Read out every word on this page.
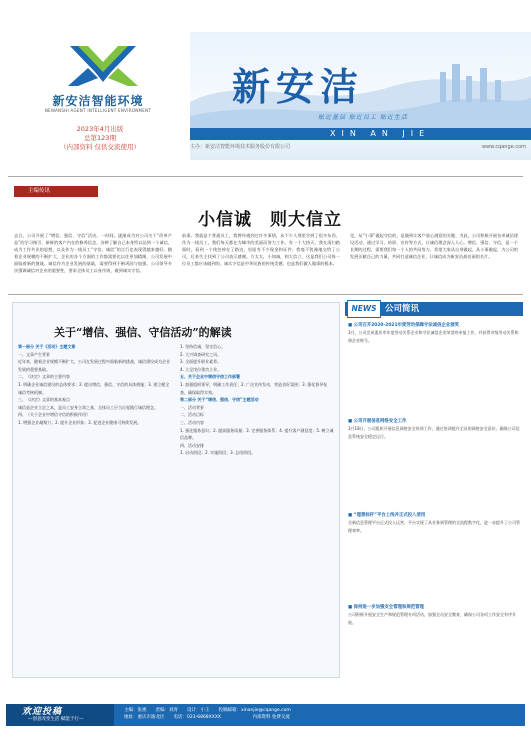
新安洁智能环境
NEWANSHI AGENT INTELLIGENT ENVIRONMENT
2023年4月出版
总第123期
（内部资料 仅供交流使用）
新安洁
贴近基层 贴近员工 贴近生活
XIN AN JIE
主办：新安洁智能环境技术服务股份有限公司	www.cqange.com
主编传讯
小信诚　则大信立
去日，公司开展了“增信、强信、守信”活动。一时间，逐渐成为对公司关于“改革产品”的学习指引，新鲜的客户内在的修养信念，各种了解自己本身所以达到一个诚信，成为工作共识的思想，以及作为一线员工“守信、诚信”的言行也表现得越来越好。随着企业规模的不断扩大，企业的各个方面的工作都需要比以往更加精细，公司发展中面临着新的挑战，诚信作为企业发展的基础，需要得到不断巩固与加强。公司领导多次强调诚信对企业的重要性，要求全体员工以身作则，做到诚实守信。
前事。我就是个普通员工，我曾经遇到过许多事情，从不少人那里学到了很多东西，作为一线员工，我们每天都在为城市的美丽而努力工作。有一个大热天，我在清扫路面时，看到一个钱包掉在了路边，里面有不少现金和证件。我毫不犹豫地交给了公司，后来失主找到了公司表示感谢。方太太，小知诚，则大信立，这是我们公司每一位员工都应该做到的。诚实守信是中华民族的传统美德，也是我们做人做事的根本。
见，从“小事”做起守信的，是做到让客户放心满意的关键。为此，公司积极开展各项诚信建设活动，通过学习、培训、宣传等方式，让诚信理念深入人心。增信、强信、守信，是一个长期的过程，需要我们每一个人的共同努力。希望大家从自身做起，从小事做起，为公司的发展贡献自己的力量，共同打造诚信企业，让诚信成为新安洁最亮丽的名片。
关于“增信、强信、守信活动”的解读
第一部分 关于《活动》主题文章
一、文章产生背景
近年来，随着企业规模不断扩大，公司在发展过程中面临新的挑战，诚信建设成为企业发展的重要基础。
二、《决定》文章的主要内容
1. 明确企业诚信建设的总体要求；2. 提出增信、强信、守信的具体措施；3. 建立健全诚信考核机制。
三、《决定》文章的基本观点
诚信是企业立足之本，是员工安身立命之基，全体员工应当自觉践行诚信理念。
四、（关于企业中增信守信的积极作用）
1. 增强企业凝聚力；2. 提升企业形象；3. 促进企业健康可持续发展。
1. 坚持信诚，坚定信心。
2. 大兴调查研究之风。
3. 全面提升职业素养。
4. 立足岗位建功立业。
五、关于企业中增信守信工作部署
1. 加强组织领导，明确工作责任；2. 广泛宣传发动，营造良好氛围；3. 强化督导检查，确保取得实效。
第二部分 关于“增信、强信、守信”主题活动
一、活动背景
二、活动目标
三、活动内容
1. 强化服务意识；2. 提高服务质量；3. 完善服务体系；4. 提升客户满意度；5. 树立诚信品牌。
四、活动安排
1. 启动阶段；2. 实施阶段；3. 总结阶段。
NEWS 公司简讯
■ 公司召开2020-2021年度劳动保障守法诚信企业颁奖
3月，公司完成重庆市年度劳动关系企业和守法诚信企业荣誉的申报工作，并获得市级劳动关系和谐企业称号。
■ 公司开展信息网络安全工作
3月18日，公司组织开展信息网络安全培训工作，通过培训提升全员的网络安全意识，确保公司信息系统安全稳定运行。
■ “理想标杆”平台上线并正式投入使用
全新信息管理平台正式投入运营，平台实现了从业务到管理的全流程数字化，进一步提升了公司管理效率。
■ 保持进一步加强安全管理和规范管理
公司积极开展安全生产和规范管理专项活动，加强全员安全教育，确保公司各项工作安全有序开展。
欢迎投稿
—创意改变生活 赋能于行—
主编：张惠　　责编：刘青　　设计：小王　　投稿邮箱：xinanjie@cqange.com
地址：重庆市渝北区　　电话：023-6868XXXX　　　　　　　内部资料 免费交流
